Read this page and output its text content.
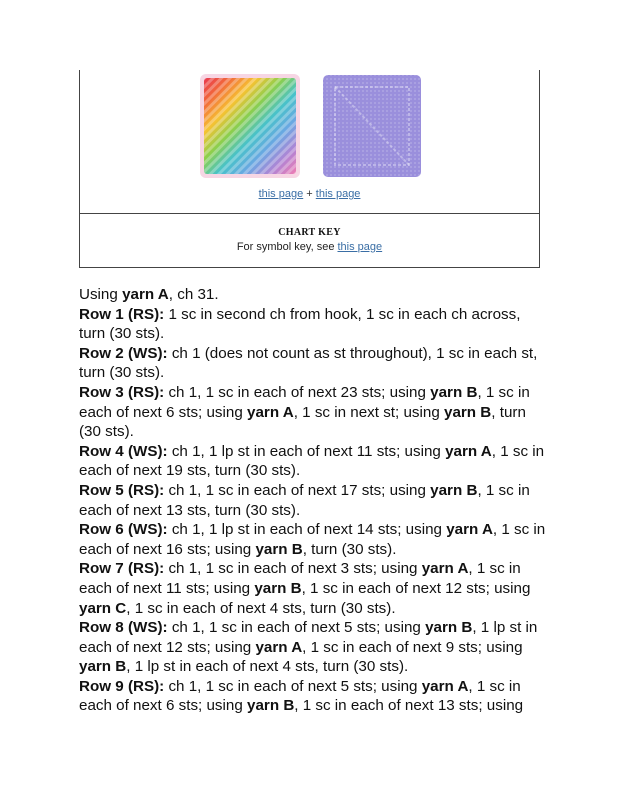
this page + this page
CHART KEY
For symbol key, see this page

Using yarn A, ch 31.

Row 1 (RS): 1 sc in second ch from hook, 1 sc in each ch across, turn (30 sts).

Row 2 (WS): ch 1 (does not count as st throughout), 1 sc in each st, turn (30 sts).

Row 3 (RS): ch 1, 1 sc in each of next 23 sts; using yarn B, 1 sc in each of next 6 sts; using yarn A, 1 sc in next st; using yarn B, turn (30 sts).

Row 4 (WS): ch 1, 1 lp st in each of next 11 sts; using yarn A, 1 sc in each of next 19 sts, turn (30 sts).

Row 5 (RS): ch 1, 1 sc in each of next 17 sts; using yarn B, 1 sc in each of next 13 sts, turn (30 sts).

Row 6 (WS): ch 1, 1 lp st in each of next 14 sts; using yarn A, 1 sc in each of next 16 sts; using yarn B, turn (30 sts).

Row 7 (RS): ch 1, 1 sc in each of next 3 sts; using yarn A, 1 sc in each of next 11 sts; using yarn B, 1 sc in each of next 12 sts; using yarn C, 1 sc in each of next 4 sts, turn (30 sts).

Row 8 (WS): ch 1, 1 sc in each of next 5 sts; using yarn B, 1 lp st in each of next 12 sts; using yarn A, 1 sc in each of next 9 sts; using yarn B, 1 lp st in each of next 4 sts, turn (30 sts).

Row 9 (RS): ch 1, 1 sc in each of next 5 sts; using yarn A, 1 sc in each of next 6 sts; using yarn B, 1 sc in each of next 13 sts; using
